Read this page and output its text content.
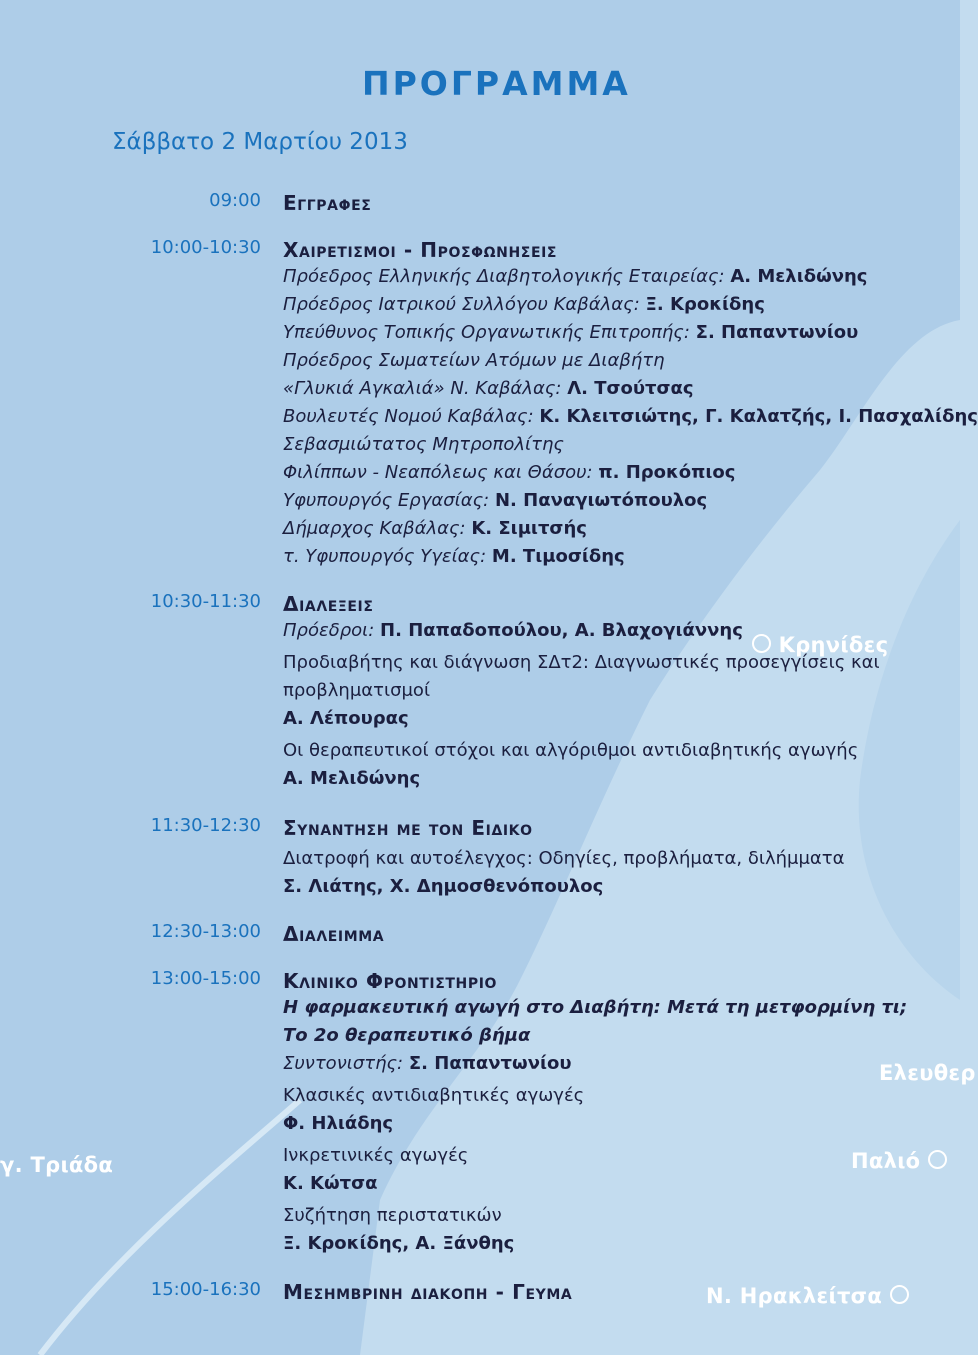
Κρηνίδες
Ελευθερ
Παλιό
γ. Τριάδα
Ν. Ηρακλείτσα
ΠΡΟΓΡΑΜΜΑ
Σάββατο 2 Μαρτίου 2013
09:00 Εγγραφες
10:00-10:30 Χαιρετισμοι - Προσφωνησεις
Πρόεδρος Ελληνικής Διαβητολογικής Εταιρείας: Α. Μελιδώνης
Πρόεδρος Ιατρικού Συλλόγου Καβάλας: Ξ. Κροκίδης
Υπεύθυνος Τοπικής Οργανωτικής Επιτροπής: Σ. Παπαντωνίου
Πρόεδρος Σωματείων Ατόμων με Διαβήτη
«Γλυκιά Αγκαλιά» Ν. Καβάλας: Λ. Τσούτσας
Βουλευτές Νομού Καβάλας: Κ. Κλειτσιώτης, Γ. Καλατζής, Ι. Πασχαλίδης
Σεβασμιώτατος Μητροπολίτης
Φιλίππων - Νεαπόλεως και Θάσου: π. Προκόπιος
Υφυπουργός Εργασίας: Ν. Παναγιωτόπουλος
Δήμαρχος Καβάλας: Κ. Σιμιτσής
τ. Υφυπουργός Υγείας: Μ. Τιμοσίδης
10:30-11:30 Διαλεξεις
Πρόεδροι: Π. Παπαδοπούλου, Α. Βλαχογιάννης
Προδιαβήτης και διάγνωση ΣΔτ2: Διαγνωστικές προσεγγίσεις και
προβληματισμοί
Α. Λέπουρας
Οι θεραπευτικοί στόχοι και αλγόριθμοι αντιδιαβητικής αγωγής
Α. Μελιδώνης
11:30-12:30 Συναντηση με τον Ειδικο
Διατροφή και αυτοέλεγχος: Οδηγίες, προβλήματα, διλήμματα
Σ. Λιάτης, Χ. Δημοσθενόπουλος
12:30-13:00 Διαλειμμα
13:00-15:00 Κλινικο Φροντιστηριο
Η φαρμακευτική αγωγή στο Διαβήτη: Μετά τη μετφορμίνη τι;
Το 2ο θεραπευτικό βήμα
Συντονιστής: Σ. Παπαντωνίου
Κλασικές αντιδιαβητικές αγωγές
Φ. Ηλιάδης
Ινκρετινικές αγωγές
Κ. Κώτσα
Συζήτηση περιστατικών
Ξ. Κροκίδης, Α. Ξάνθης
15:00-16:30 Μεσημβρινη διακοπη - Γευμα
